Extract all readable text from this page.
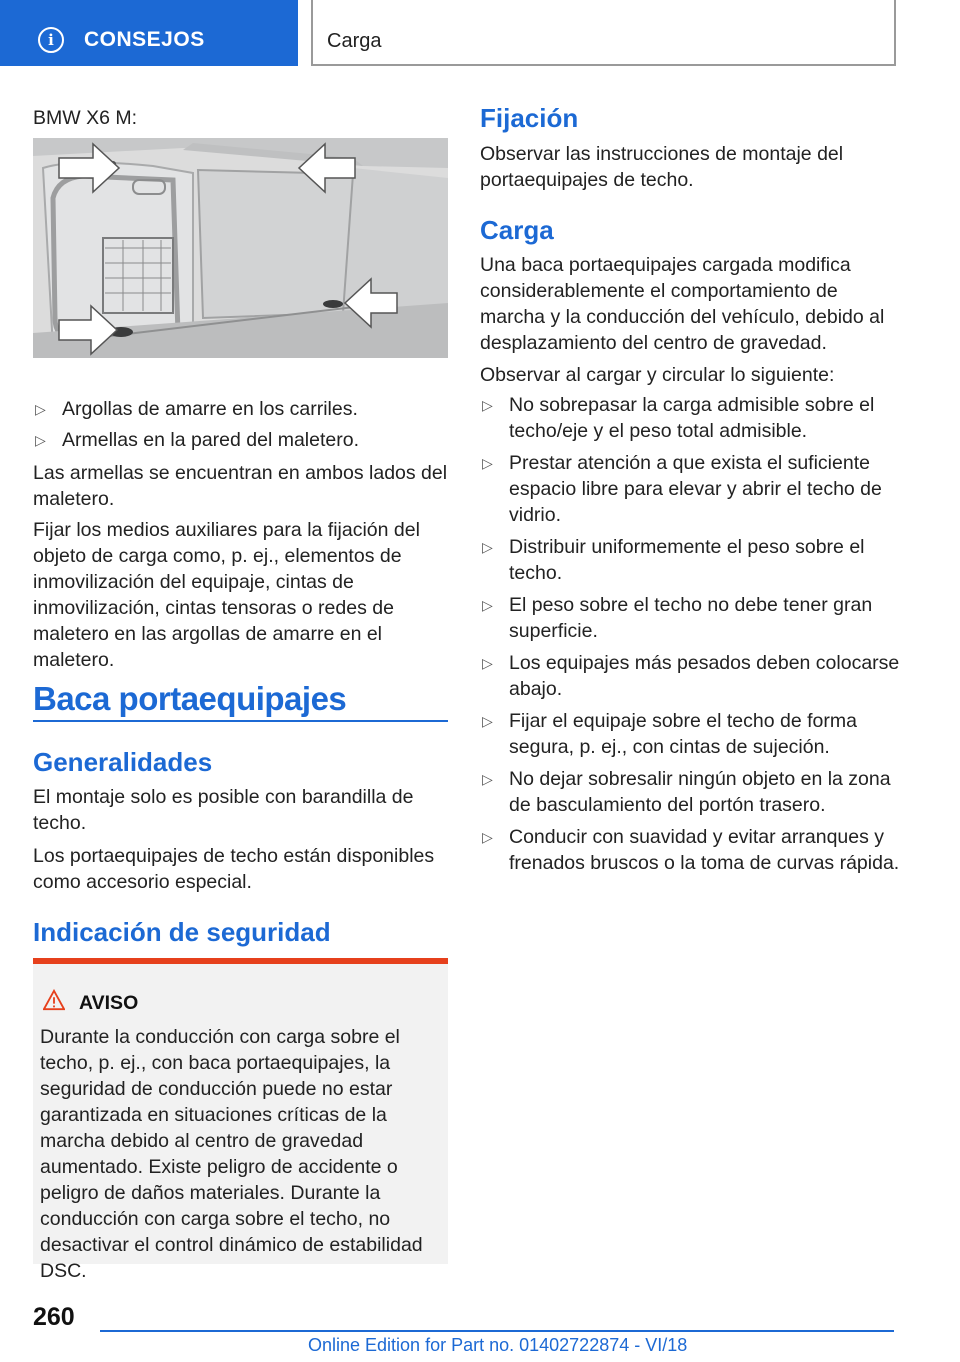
i	CONSEJOS	Carga

BMW X6 M:

▷ Argollas de amarre en los carriles.
▷ Armellas en la pared del maletero.

Las armellas se encuentran en ambos lados del maletero.

Fijar los medios auxiliares para la fijación del objeto de carga como, p. ej., elementos de inmovilización del equipaje, cintas de inmovilización, cintas tensoras o redes de maletero en las argollas de amarre en el maletero.

Baca portaequipajes
Generalidades

El montaje solo es posible con barandilla de techo.

Los portaequipajes de techo están disponibles como accesorio especial.

Indicación de seguridad
AVISO

Durante la conducción con carga sobre el techo, p. ej., con baca portaequipajes, la seguridad de conducción puede no estar garantizada en situaciones críticas de la marcha debido al centro de gravedad aumentado. Existe peligro de accidente o peligro de daños materiales. Durante la conducción con carga sobre el techo, no desactivar el control dinámico de estabilidad DSC.

Fijación

Observar las instrucciones de montaje del portaequipajes de techo.

Carga

Una baca portaequipajes cargada modifica considerablemente el comportamiento de marcha y la conducción del vehículo, debido al desplazamiento del centro de gravedad.

Observar al cargar y circular lo siguiente:

▷ No sobrepasar la carga admisible sobre el techo/eje y el peso total admisible.
▷ Prestar atención a que exista el suficiente espacio libre para elevar y abrir el techo de vidrio.
▷ Distribuir uniformemente el peso sobre el techo.
▷ El peso sobre el techo no debe tener gran superficie.
▷ Los equipajes más pesados deben colocarse abajo.
▷ Fijar el equipaje sobre el techo de forma segura, p. ej., con cintas de sujeción.
▷ No dejar sobresalir ningún objeto en la zona de basculamiento del portón trasero.
▷ Conducir con suavidad y evitar arranques y frenados bruscos o la toma de curvas rápida.
260
Online Edition for Part no. 01402722874 - VI/18
